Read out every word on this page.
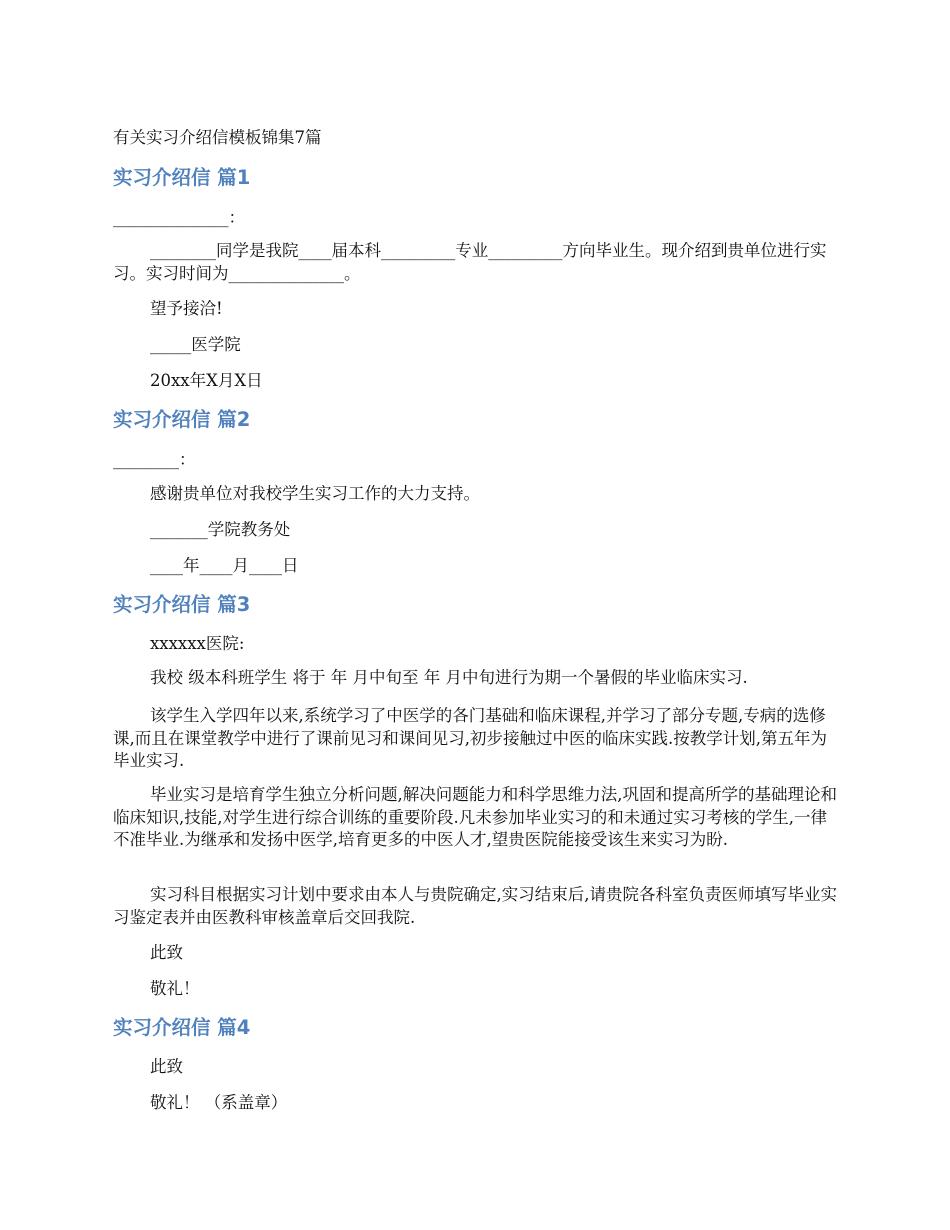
有关实习介绍信模板锦集7篇
实习介绍信 篇1
______________：
________同学是我院____届本科_________专业_________方向毕业生。现介绍到贵单位进行实习。实习时间为______________。
望予接洽!
_____医学院
20xx年X月X日
实习介绍信 篇2
________：
感谢贵单位对我校学生实习工作的大力支持。
_______学院教务处
____年____月____日
实习介绍信 篇3
xxxxxx医院:
我校 级本科班学生 将于 年 月中旬至 年 月中旬进行为期一个暑假的毕业临床实习.
该学生入学四年以来,系统学习了中医学的各门基础和临床课程,并学习了部分专题,专病的选修课,而且在课堂教学中进行了课前见习和课间见习,初步接触过中医的临床实践.按教学计划,第五年为毕业实习.
毕业实习是培育学生独立分析问题,解决问题能力和科学思维力法,巩固和提高所学的基础理论和临床知识,技能,对学生进行综合训练的重要阶段.凡未参加毕业实习的和未通过实习考核的学生,一律不准毕业.为继承和发扬中医学,培育更多的中医人才,望贵医院能接受该生来实习为盼.
实习科目根据实习计划中要求由本人与贵院确定,实习结束后,请贵院各科室负责医师填写毕业实习鉴定表并由医教科审核盖章后交回我院.
此致
敬礼！
实习介绍信 篇4
此致
敬礼！ （系盖章）
